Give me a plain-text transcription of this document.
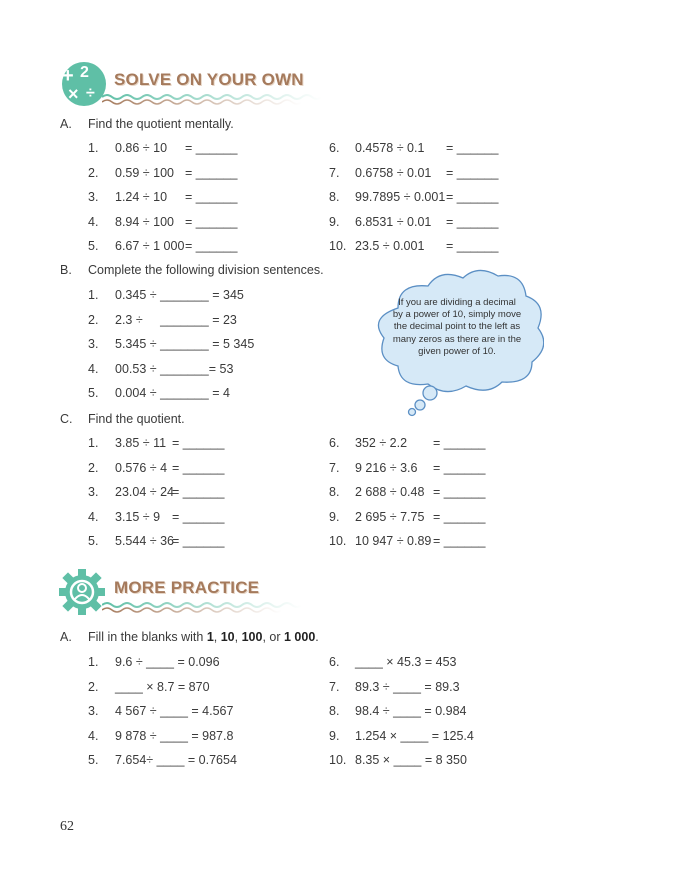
+ 2
× ÷
SOLVE ON YOUR OWN
If you are dividing a decimal by a power of 10, simply move the decimal point to the left as many zeros as there are in the given power of 10.
MORE PRACTICE
A. Fill in the blanks with 1, 10, 100, or 1 000.
62
A. Find the quotient mentally.
1. 0.86 ÷ 10 = ______
2. 0.59 ÷ 100 = ______
3. 1.24 ÷ 10 = ______
4. 8.94 ÷ 100 = ______
5. 6.67 ÷ 1 000 = ______
6. 0.4578 ÷ 0.1 = ______
7. 0.6758 ÷ 0.01 = ______
8. 99.7895 ÷ 0.001 = ______
9. 6.8531 ÷ 0.01 = ______
10. 23.5 ÷ 0.001 = ______
B. Complete the following division sentences.
1. 0.345 ÷ _______ = 345
2. 2.3 ÷     _______ = 23
3. 5.345 ÷ _______ = 5 345
4. 00.53 ÷ _______= 53
5. 0.004 ÷ _______ = 4
C. Find the quotient.
1. 3.85 ÷ 11 = ______
2. 0.576 ÷ 4 = ______
3. 23.04 ÷ 24
= ______
4. 3.15 ÷ 9 = ______
5. 5.544 ÷ 36
= ______
6. 352 ÷ 2.2 = ______
7. 9 216 ÷ 3.6 = ______
8. 2 688 ÷ 0.48 = ______
9. 2 695 ÷ 7.75 = ______
10. 10 947 ÷ 0.89 = ______
1. 9.6 ÷ ____ = 0.096
2. ____ × 8.7 = 870
3. 4 567 ÷ ____ = 4.567
4. 9 878 ÷ ____ = 987.8
5. 7.654÷ ____ = 0.7654
6. ____ × 45.3 = 453
7. 89.3 ÷ ____ = 89.3
8. 98.4 ÷ ____ = 0.984
9. 1.254 × ____ = 125.4
10. 8.35 × ____ = 8 350
